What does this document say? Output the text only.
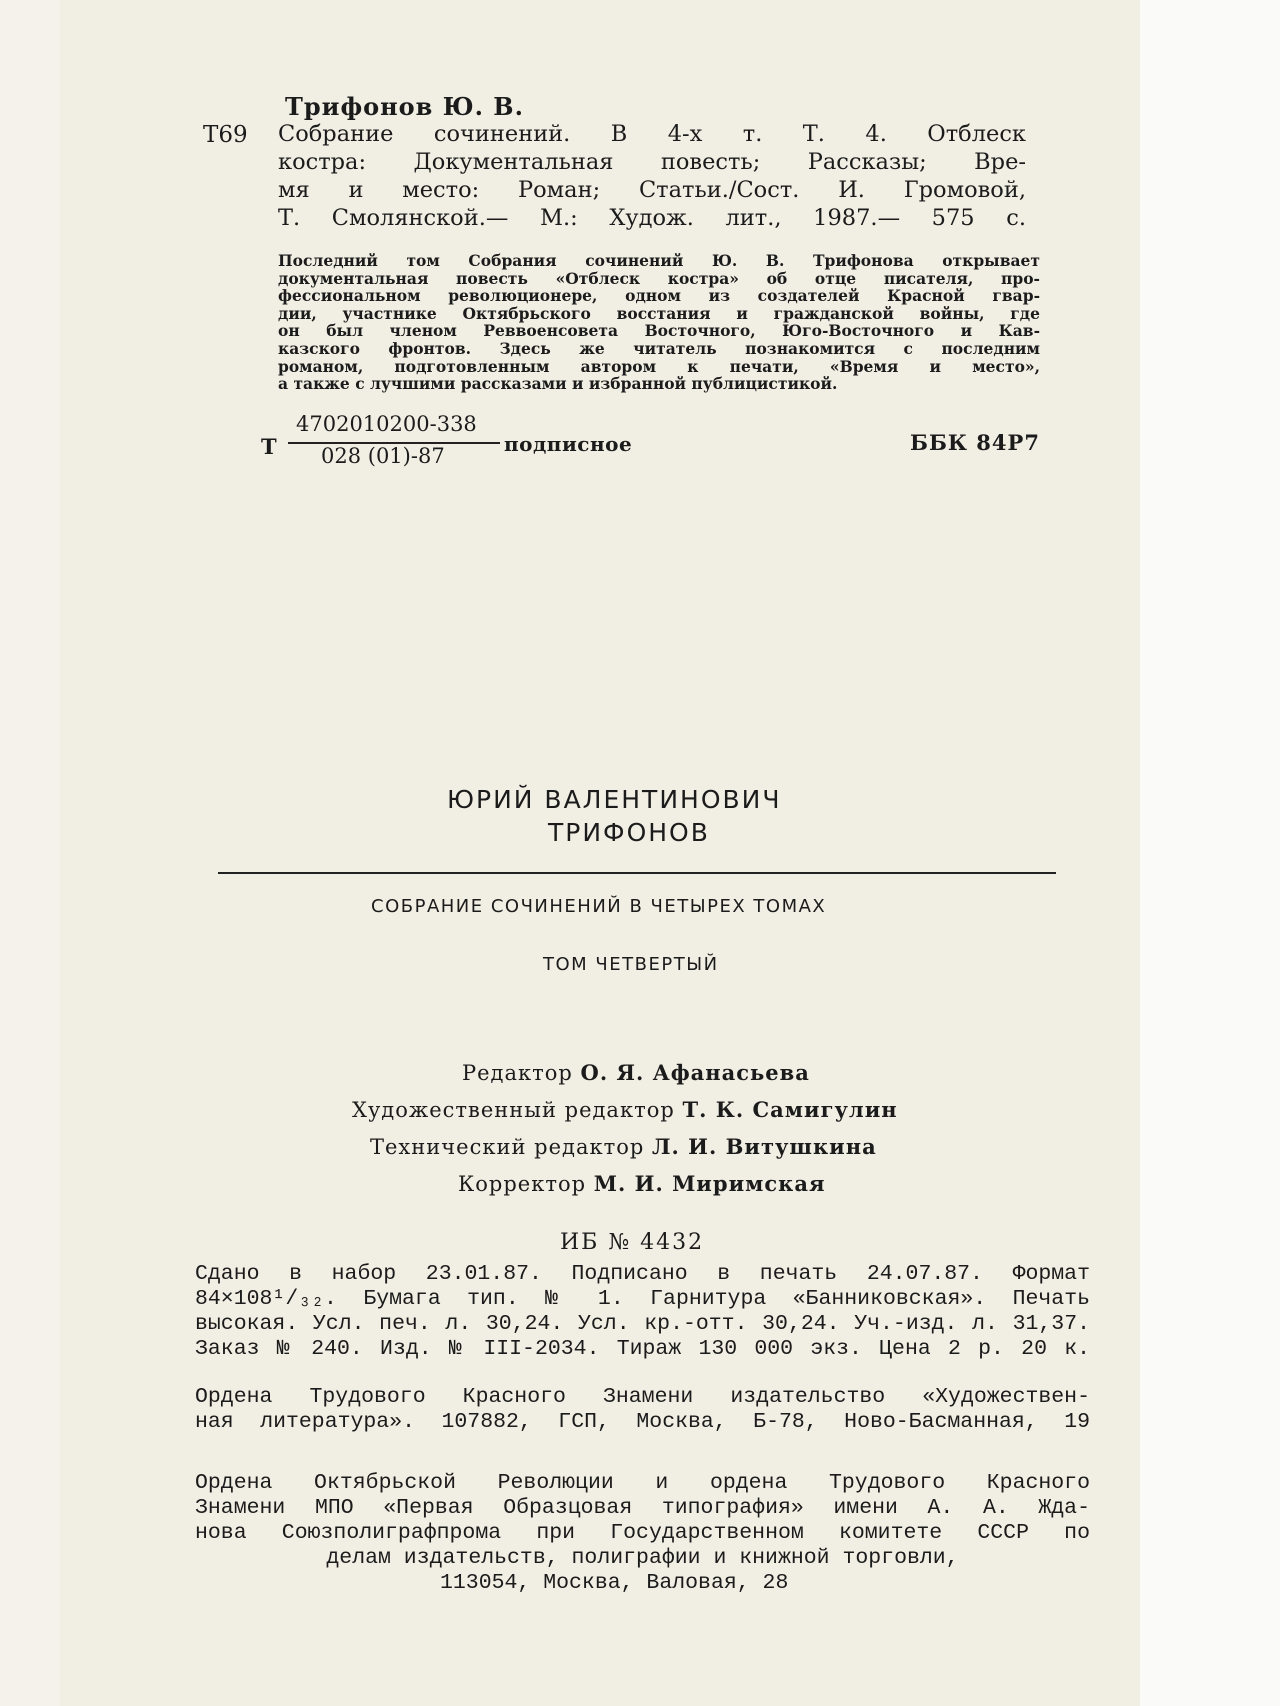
Трифонов Ю. В.
Т69 Собрание сочинений. В 4-х т. Т. 4. Отблеск
костра: Документальная повесть; Рассказы; Вре-
мя и место: Роман; Статьи./Сост. И. Громовой,
Т. Смолянской.— М.: Худож. лит., 1987.— 575 с.
Последний том Собрания сочинений Ю. В. Трифонова открывает
документальная повесть «Отблеск костра» об отце писателя, про-
фессиональном революционере, одном из создателей Красной гвар-
дии, участнике Октябрьского восстания и гражданской войны, где
он был членом Реввоенсовета Восточного, Юго-Восточного и Кав-
казского фронтов. Здесь же читатель познакомится с последним
романом, подготовленным автором к печати, «Время и место»,
а также с лучшими рассказами и избранной публицистикой.
Т
4702010200-338
028 (01)-87	подписное	ББК 84Р7
ЮРИЙ ВАЛЕНТИНОВИЧ
ТРИФОНОВ
СОБРАНИЕ СОЧИНЕНИЙ В ЧЕТЫРЕХ ТОМАХ
ТОМ ЧЕТВЕРТЫЙ
Редактор О. Я. Афанасьева
Художественный редактор Т. К. Самигулин
Технический редактор Л. И. Витушкина
Корректор М. И. Миримская
ИБ № 4432
Сдано в набор 23.01.87. Подписано в печать 24.07.87. Формат
84×108¹/₃₂. Бумага тип. № 1. Гарнитура «Банниковская». Печать
высокая. Усл. печ. л. 30,24. Усл. кр.-отт. 30,24. Уч.-изд. л. 31,37.
Заказ № 240. Изд. № III-2034. Тираж 130 000 экз. Цена 2 р. 20 к.
Ордена Трудового Красного Знамени издательство «Художествен-
ная литература». 107882, ГСП, Москва, Б-78, Ново-Басманная, 19
Ордена Октябрьской Революции и ордена Трудового Красного
Знамени МПО «Первая Образцовая типография» имени А. А. Жда-
нова Союзполиграфпрома при Государственном комитете СССР по
делам издательств, полиграфии и книжной торговли,
113054, Москва, Валовая, 28
